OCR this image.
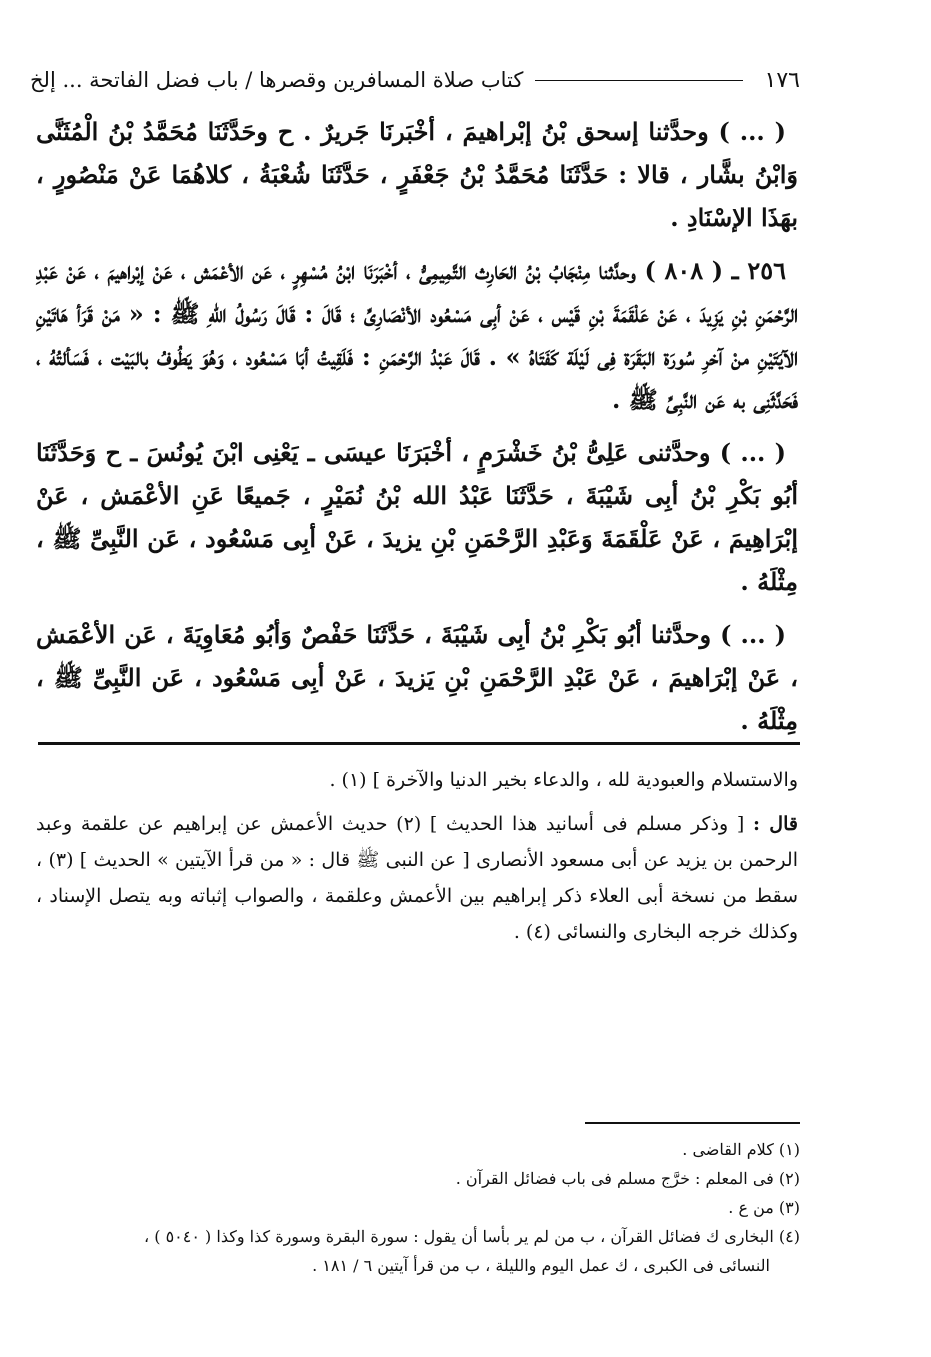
١٧٦
كتاب صلاة المسافرين وقصرها / باب فضل الفاتحة ... إلخ

( ... ) وحدَّثنا إسحق بْنُ إبْراهيمَ ، أخْبَرنَا جَريرٌ . ح وحَدَّثَنَا مُحَمَّدُ بْنُ الْمُثَنَّى وَابْنُ بشَّار ، قالا : حَدَّثَنَا مُحَمَّدُ بْنُ جَعْفَرٍ ، حَدَّثَنَا شُعْبَةُ ، كلاهُمَا عَنْ مَنْصُورٍ ، بهَذَا الإسْنَادِ .

٢٥٦ ـ ( ٨٠٨ ) وحدَّثنا مِنْجَابُ بْنُ الحَارِث التَّمِيمِىُّ ، أخْبَرَنَا ابْنُ مُسْهِرٍ ، عَن الأعْمَش ، عَنْ إبْراهيمَ ، عَنْ عَبْدِ الرَّحْمَنِ بْنِ يَزِيدَ ، عَنْ عَلْقَمَةَ بْنِ قَيْس ، عَنْ أبِى مَسْعُود الأنْصَارِىِّ ؛ قَالَ : قَالَ رَسُولُ اللهِ ﷺ : « مَنْ قَرَأ هَاتَيْنِ الآيَتَيْنِ منْ آخرِ سُورَة البَقَرَة فِى لَيْلَة كَفَتَاهُ » . قَالَ عَبْدُ الرَّحْمَنِ : فَلَقِيتُ أبَا مَسْعُود ، وَهُوَ يَطُوفُ بالبَيْت ، فَسَألتُهُ ، فَحَدَّثَنِى به عَن النَّبِىِّ ﷺ .

( ... ) وحدَّثنى عَلِىُّ بْنُ خَشْرَمٍ ، أخْبَرَنَا عيسَى ـ يَعْنِى ابْنَ يُونُسَ ـ ح وَحَدَّثَنَا أبُو بَكْرِ بْنُ أبِى شَيْبَةَ ، حَدَّثَنَا عَبْدُ الله بْنُ نُمَيْرٍ ، جَميعًا عَنِ الأعْمَش ، عَنْ إبْرَاهِيمَ ، عَنْ عَلْقَمَةَ وَعَبْدِ الرَّحْمَنِ بْنِ يزيدَ ، عَنْ أبِى مَسْعُود ، عَن النَّبِىِّ ﷺ ، مِثْلَهُ .

( ... ) وحدَّثنا أبُو بَكْرِ بْنُ أبِى شَيْبَةَ ، حَدَّثَنَا حَفْصٌ وَأبُو مُعَاوِيَةَ ، عَن الأعْمَش ، عَنْ إبْرَاهيمَ ، عَنْ عَبْدِ الرَّحْمَنِ بْنِ يَزيدَ ، عَنْ أبِى مَسْعُود ، عَن النَّبِىِّ ﷺ ، مِثْلَهُ .

والاستسلام والعبودية لله ، والدعاء بخير الدنيا والآخرة ] (١) .

قال : [ وذكر مسلم فى أسانيد هذا الحديث ] (٢) حديث الأعمش عن إبراهيم عن علقمة وعبد الرحمن بن يزيد عن أبى مسعود الأنصارى [ عن النبى ﷺ قال : « من قرأ الآيتين » الحديث ] (٣) ، سقط من نسخة أبى العلاء ذكر إبراهيم بين الأعمش وعلقمة ، والصواب إثباته وبه يتصل الإسناد ، وكذلك خرجه البخارى والنسائى (٤) .

(١) كلام القاضى .

(٢) فى المعلم : خرَّج مسلم فى باب فضائل القرآن .

(٣) من ع .

(٤) البخارى ك فضائل القرآن ، ب من لم ير بأسا أن يقول : سورة البقرة وسورة كذا وكذا ( ٥٠٤٠ ) ،

النسائى فى الكبرى ، ك عمل اليوم والليلة ، ب من قرأ آيتين ٦ / ١٨١ .
